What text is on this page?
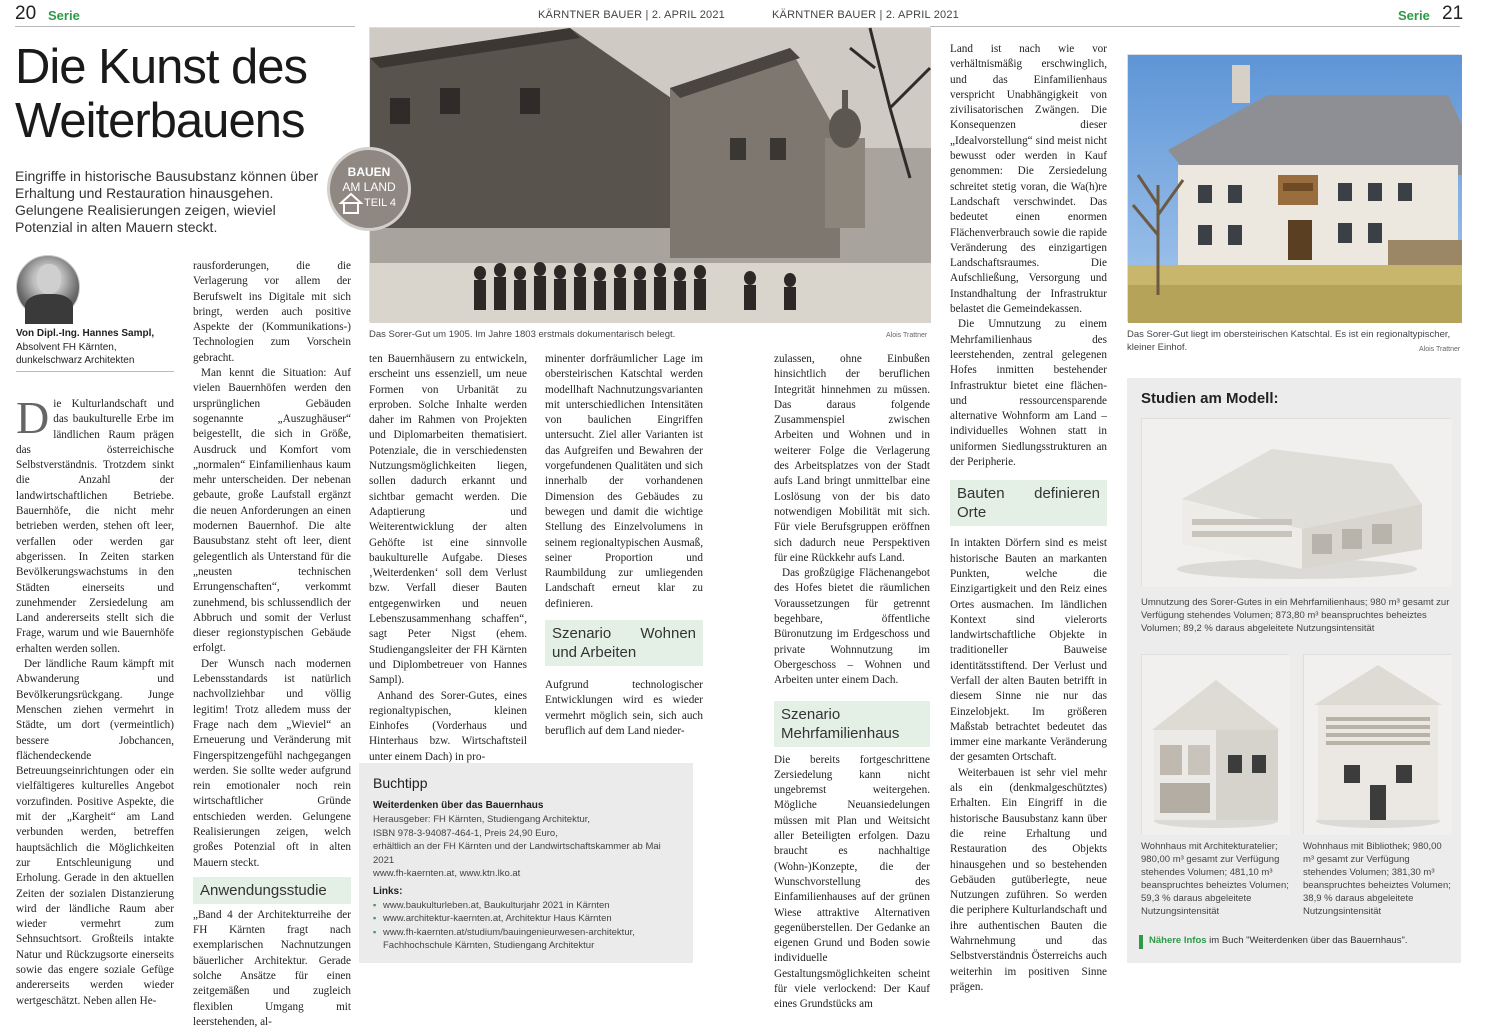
20 Serie	KÄRNTNER BAUER | 2. APRIL 2021	KÄRNTNER BAUER | 2. APRIL 2021	Serie 21
Die Kunst des
Weiterbauens
Eingriffe in historische Bausubstanz können über Erhaltung und Restauration hinausgehen. Gelungene Realisierungen zeigen, wieviel Potenzial in alten Mauern steckt.
Das Sorer-Gut um 1905. Im Jahre 1803 erstmals dokumentarisch belegt.	Alois Trattner
BAUEN
AM LAND
TEIL 4
Von Dipl.-Ing. Hannes Sampl,
Absolvent FH Kärnten, dunkelschwarz Architekten

Die Kulturlandschaft und das baukulturelle Erbe im ländlichen Raum prägen das österreichische Selbstverständnis. Trotzdem sinkt die Anzahl der landwirtschaftlichen Betriebe. Bauernhöfe, die nicht mehr betrieben werden, stehen oft leer, verfallen oder werden gar abgerissen. In Zeiten starken Bevölkerungswachstums in den Städten einerseits und zunehmender Zersiedelung am Land andererseits stellt sich die Frage, warum und wie Bauernhöfe erhalten werden sollen.

Der ländliche Raum kämpft mit Abwanderung und Bevölkerungsrückgang. Junge Menschen ziehen vermehrt in Städte, um dort (vermeintlich) bessere Jobchancen, flächendeckende Betreuungseinrichtungen oder ein vielfältigeres kulturelles Angebot vorzufinden. Positive Aspekte, die mit der „Kargheit“ am Land verbunden werden, betreffen hauptsächlich die Möglichkeiten zur Entschleunigung und Erholung. Gerade in den aktuellen Zeiten der sozialen Distanzierung wird der ländliche Raum aber wieder vermehrt zum Sehnsuchtsort. Großteils intakte Natur und Rückzugsorte einerseits sowie das engere soziale Gefüge andererseits werden wieder wertgeschätzt. Neben allen He-

rausforderungen, die die Verlagerung vor allem der Berufswelt ins Digitale mit sich bringt, werden auch positive Aspekte der (Kommunikations-) Technologien zum Vorschein gebracht.

Man kennt die Situation: Auf vielen Bauernhöfen werden den ursprünglichen Gebäuden sogenannte „Auszughäuser“ beigestellt, die sich in Größe, Ausdruck und Komfort vom „normalen“ Einfamilienhaus kaum mehr unterscheiden. Der nebenan gebaute, große Laufstall ergänzt die neuen Anforderungen an einen modernen Bauernhof. Die alte Bausubstanz steht oft leer, dient gelegentlich als Unterstand für die „neusten technischen Errungenschaften“, verkommt zunehmend, bis schlussendlich der Abbruch und somit der Verlust dieser regionstypischen Gebäude erfolgt.

Der Wunsch nach modernen Lebensstandards ist natürlich nachvollziehbar und völlig legitim! Trotz alledem muss der Frage nach dem „Wieviel“ an Erneuerung und Veränderung mit Fingerspitzengefühl nachgegangen werden. Sie sollte weder aufgrund rein emotionaler noch rein wirtschaftlicher Gründe entschieden werden. Gelungene Realisierungen zeigen, welch großes Potenzial oft in alten Mauern steckt.

Anwendungsstudie

„Band 4 der Architekturreihe der FH Kärnten fragt nach exemplarischen Nachnutzungen bäuerlicher Architektur. Gerade solche Ansätze für einen zeitgemäßen und zugleich flexiblen Umgang mit leerstehenden, al-

ten Bauernhäusern zu entwickeln, erscheint uns essenziell, um neue Formen von Urbanität zu erproben. Solche Inhalte werden daher im Rahmen von Projekten und Diplomarbeiten thematisiert. Potenziale, die in verschiedensten Nutzungsmöglichkeiten liegen, sollen dadurch erkannt und sichtbar gemacht werden. Die Adaptierung und Weiterentwicklung der alten Gehöfte ist eine sinnvolle baukulturelle Aufgabe. Dieses ‚Weiterdenken‘ soll dem Verlust bzw. Verfall dieser Bauten entgegenwirken und neuen Lebenszusammenhang schaffen“, sagt Peter Nigst (ehem. Studiengangsleiter der FH Kärnten und Diplombetreuer von Hannes Sampl).

Anhand des Sorer-Gutes, eines regionaltypischen, kleinen Einhofes (Vorderhaus und Hinterhaus bzw. Wirtschaftsteil unter einem Dach) in pro-

minenter dorfräumlicher Lage im obersteirischen Katschtal werden modellhaft Nachnutzungsvarianten mit unterschiedlichen Intensitäten von baulichen Eingriffen untersucht. Ziel aller Varianten ist das Aufgreifen und Bewahren der vorgefundenen Qualitäten und sich innerhalb der vorhandenen Dimension des Gebäudes zu bewegen und damit die wichtige Stellung des Einzelvolumens in seinem regionaltypischen Ausmaß, seiner Proportion und Raumbildung zur umliegenden Landschaft erneut klar zu definieren.

Szenario Wohnen und Arbeiten

Aufgrund technologischer Entwicklungen wird es wieder vermehrt möglich sein, sich auch beruflich auf dem Land nieder-

Buchtipp
Weiterdenken über das Bauernhaus
Herausgeber: FH Kärnten, Studiengang Architektur,
ISBN 978-3-94087-464-1, Preis 24,90 Euro,
erhältlich an der FH Kärnten und der Landwirtschaftskammer ab Mai 2021
www.fh-kaernten.at, www.ktn.lko.at
Links:
▪ www.baukulturleben.at, Baukulturjahr 2021 in Kärnten
▪ www.architektur-kaernten.at, Architektur Haus Kärnten
▪ www.fh-kaernten.at/studium/bauingenieurwesen-architektur, Fachhochschule Kärnten, Studiengang Architektur

zulassen, ohne Einbußen hinsichtlich der beruflichen Integrität hinnehmen zu müssen. Das daraus folgende Zusammenspiel zwischen Arbeiten und Wohnen und in weiterer Folge die Verlagerung des Arbeitsplatzes von der Stadt aufs Land bringt unmittelbar eine Loslösung von der bis dato notwendigen Mobilität mit sich. Für viele Berufsgruppen eröffnen sich dadurch neue Perspektiven für eine Rückkehr aufs Land.

Das großzügige Flächenangebot des Hofes bietet die räumlichen Voraussetzungen für getrennt begehbare, öffentliche Büronutzung im Erdgeschoss und private Wohnnutzung im Obergeschoss – Wohnen und Arbeiten unter einem Dach.

Szenario Mehrfamilienhaus

Die bereits fortgeschrittene Zersiedelung kann nicht ungebremst weitergehen. Mögliche Neuansiedelungen müssen mit Plan und Weitsicht aller Beteiligten erfolgen. Dazu braucht es nachhaltige (Wohn-)Konzepte, die der Wunschvorstellung des Einfamilienhauses auf der grünen Wiese attraktive Alternativen gegenüberstellen. Der Gedanke an eigenen Grund und Boden sowie individuelle Gestaltungsmöglichkeiten scheint für viele verlockend: Der Kauf eines Grundstücks am

Land ist nach wie vor verhältnismäßig erschwinglich, und das Einfamilienhaus verspricht Unabhängigkeit von zivilisatorischen Zwängen. Die Konsequenzen dieser „Idealvorstellung“ sind meist nicht bewusst oder werden in Kauf genommen: Die Zersiedelung schreitet stetig voran, die Wa(h)re Landschaft verschwindet. Das bedeutet einen enormen Flächenverbrauch sowie die rapide Veränderung des einzigartigen Landschaftsraumes. Die Aufschließung, Versorgung und Instandhaltung der Infrastruktur belastet die Gemeindekassen.

Die Umnutzung zu einem Mehrfamilienhaus des leerstehenden, zentral gelegenen Hofes inmitten bestehender Infrastruktur bietet eine flächen- und ressourcensparende alternative Wohnform am Land – individuelles Wohnen statt in uniformen Siedlungsstrukturen an der Peripherie.

Bauten definieren Orte

In intakten Dörfern sind es meist historische Bauten an markanten Punkten, welche die Einzigartigkeit und den Reiz eines Ortes ausmachen. Im ländlichen Kontext sind vielerorts landwirtschaftliche Objekte in traditioneller Bauweise identitätsstiftend. Der Verlust und Verfall der alten Bauten betrifft in diesem Sinne nie nur das Einzelobjekt. Im größeren Maßstab betrachtet bedeutet das immer eine markante Veränderung der gesamten Ortschaft.

Weiterbauen ist sehr viel mehr als ein (denkmalgeschütztes) Erhalten. Ein Eingriff in die historische Bausubstanz kann über die reine Erhaltung und Restauration des Objekts hinausgehen und so bestehenden Gebäuden gutüberlegte, neue Nutzungen zuführen. So werden die periphere Kulturlandschaft und ihre authentischen Bauten die Wahrnehmung und das Selbstverständnis Österreichs auch weiterhin im positiven Sinne prägen.

Das Sorer-Gut liegt im obersteirischen Katschtal. Es ist ein regionaltypischer, kleiner Einhof.	Alois Trattner
Studien am Modell:
Umnutzung des Sorer-Gutes in ein Mehrfamilienhaus; 980 m³ gesamt zur Verfügung stehendes Volumen; 873,80 m³ beanspruchtes beheiztes Volumen; 89,2 % daraus abgeleitete Nutzungsintensität
Wohnhaus mit Architekturatelier; 980,00 m³ gesamt zur Verfügung stehendes Volumen; 481,10 m³ beanspruchtes beheiztes Volumen; 59,3 % daraus abgeleitete Nutzungsintensität
Wohnhaus mit Bibliothek; 980,00 m³ gesamt zur Verfügung stehendes Volumen; 381,30 m³ beanspruchtes beheiztes Volumen; 38,9 % daraus abgeleitete Nutzungsintensität
Nähere Infos im Buch "Weiterdenken über das Bauernhaus".
